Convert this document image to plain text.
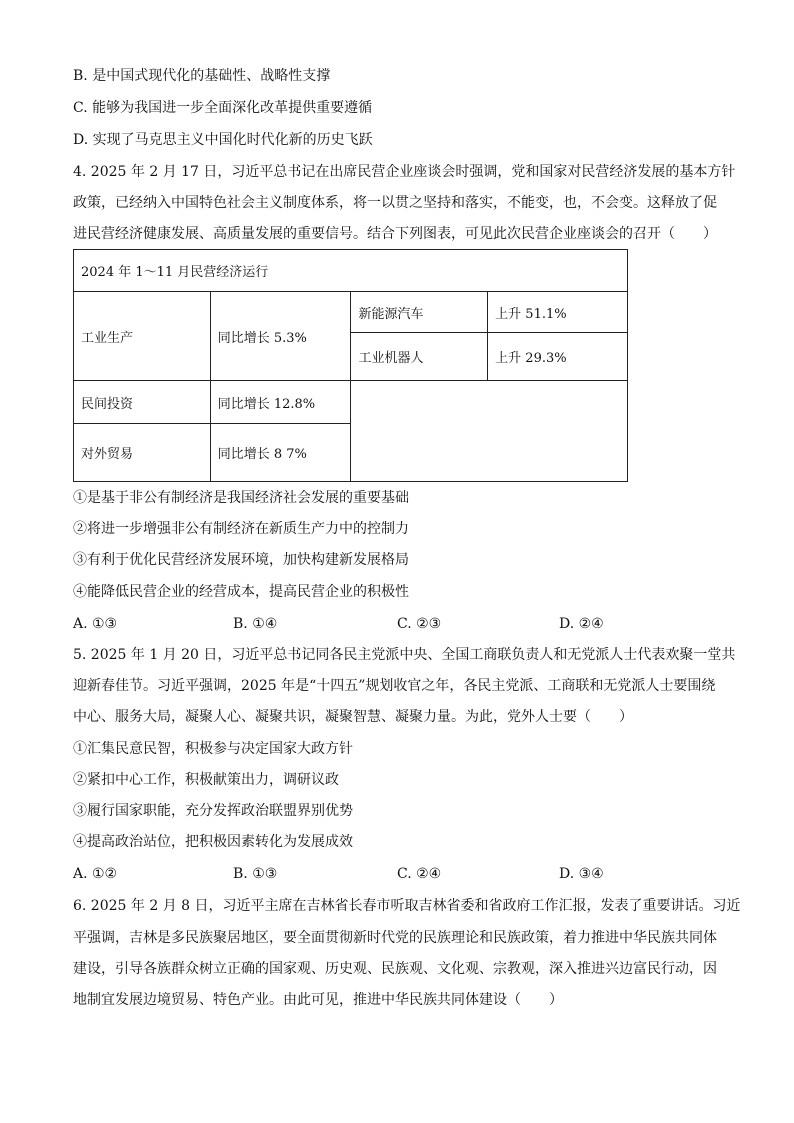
B. 是中国式现代化的基础性、战略性支撑
C. 能够为我国进一步全面深化改革提供重要遵循
D. 实现了马克思主义中国化时代化新的历史飞跃
4. 2025 年 2 月 17 日，习近平总书记在出席民营企业座谈会时强调，党和国家对民营经济发展的基本方针
政策，已经纳入中国特色社会主义制度体系，将一以贯之坚持和落实，不能变，也，不会变。这释放了促
进民营经济健康发展、高质量发展的重要信号。结合下列图表，可见此次民营企业座谈会的召开（　　）
2024 年 1～11 月民营经济运行			
工业生产	同比增长 5.3%	新能源汽车	上升 51.1%
		工业机器人	上升 29.3%
民间投资	同比增长 12.8%		
对外贸易	同比增长 8 7%		
①是基于非公有制经济是我国经济社会发展的重要基础
②将进一步增强非公有制经济在新质生产力中的控制力
③有利于优化民营经济发展环境，加快构建新发展格局
④能降低民营企业的经营成本，提高民营企业的积极性
A. ①③	B. ①④	C. ②③	D. ②④
5. 2025 年 1 月 20 日，习近平总书记同各民主党派中央、全国工商联负责人和无党派人士代表欢聚一堂共
迎新春佳节。习近平强调，2025 年是“十四五”规划收官之年，各民主党派、工商联和无党派人士要围绕
中心、服务大局，凝聚人心、凝聚共识，凝聚智慧、凝聚力量。为此，党外人士要（　　）
①汇集民意民智，积极参与决定国家大政方针
②紧扣中心工作，积极献策出力，调研议政
③履行国家职能，充分发挥政治联盟界别优势
④提高政治站位，把积极因素转化为发展成效
A. ①②	B. ①③	C. ②④	D. ③④
6. 2025 年 2 月 8 日，习近平主席在吉林省长春市听取吉林省委和省政府工作汇报，发表了重要讲话。习近
平强调，吉林是多民族聚居地区，要全面贯彻新时代党的民族理论和民族政策，着力推进中华民族共同体
建设，引导各族群众树立正确的国家观、历史观、民族观、文化观、宗教观，深入推进兴边富民行动，因
地制宜发展边境贸易、特色产业。由此可见，推进中华民族共同体建设（　　）
